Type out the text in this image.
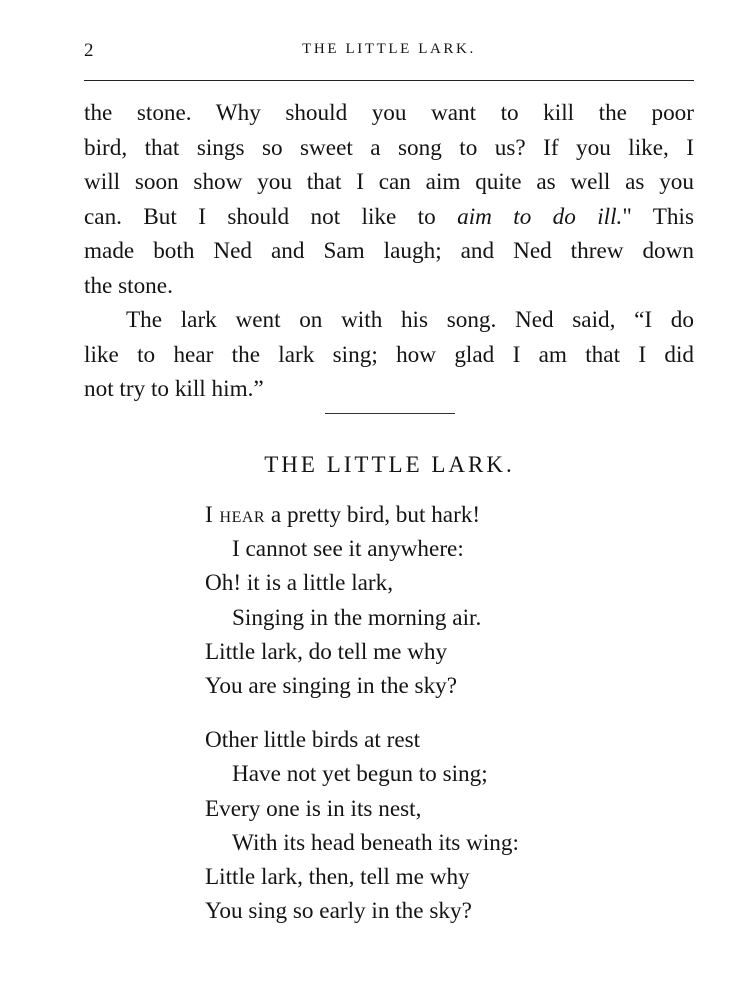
2	THE LITTLE LARK.
the stone. Why should you want to kill the poor
bird, that sings so sweet a song to us? If you like, I
will soon show you that I can aim quite as well as you
can. But I should not like to aim to do ill." This
made both Ned and Sam laugh; and Ned threw down
the stone.
The lark went on with his song. Ned said, “I do
like to hear the lark sing; how glad I am that I did
not try to kill him.”
THE LITTLE LARK.
I hear a pretty bird, but hark!
I cannot see it anywhere:
Oh! it is a little lark,
Singing in the morning air.
Little lark, do tell me why
You are singing in the sky?
Other little birds at rest
Have not yet begun to sing;
Every one is in its nest,
With its head beneath its wing:
Little lark, then, tell me why
You sing so early in the sky?
